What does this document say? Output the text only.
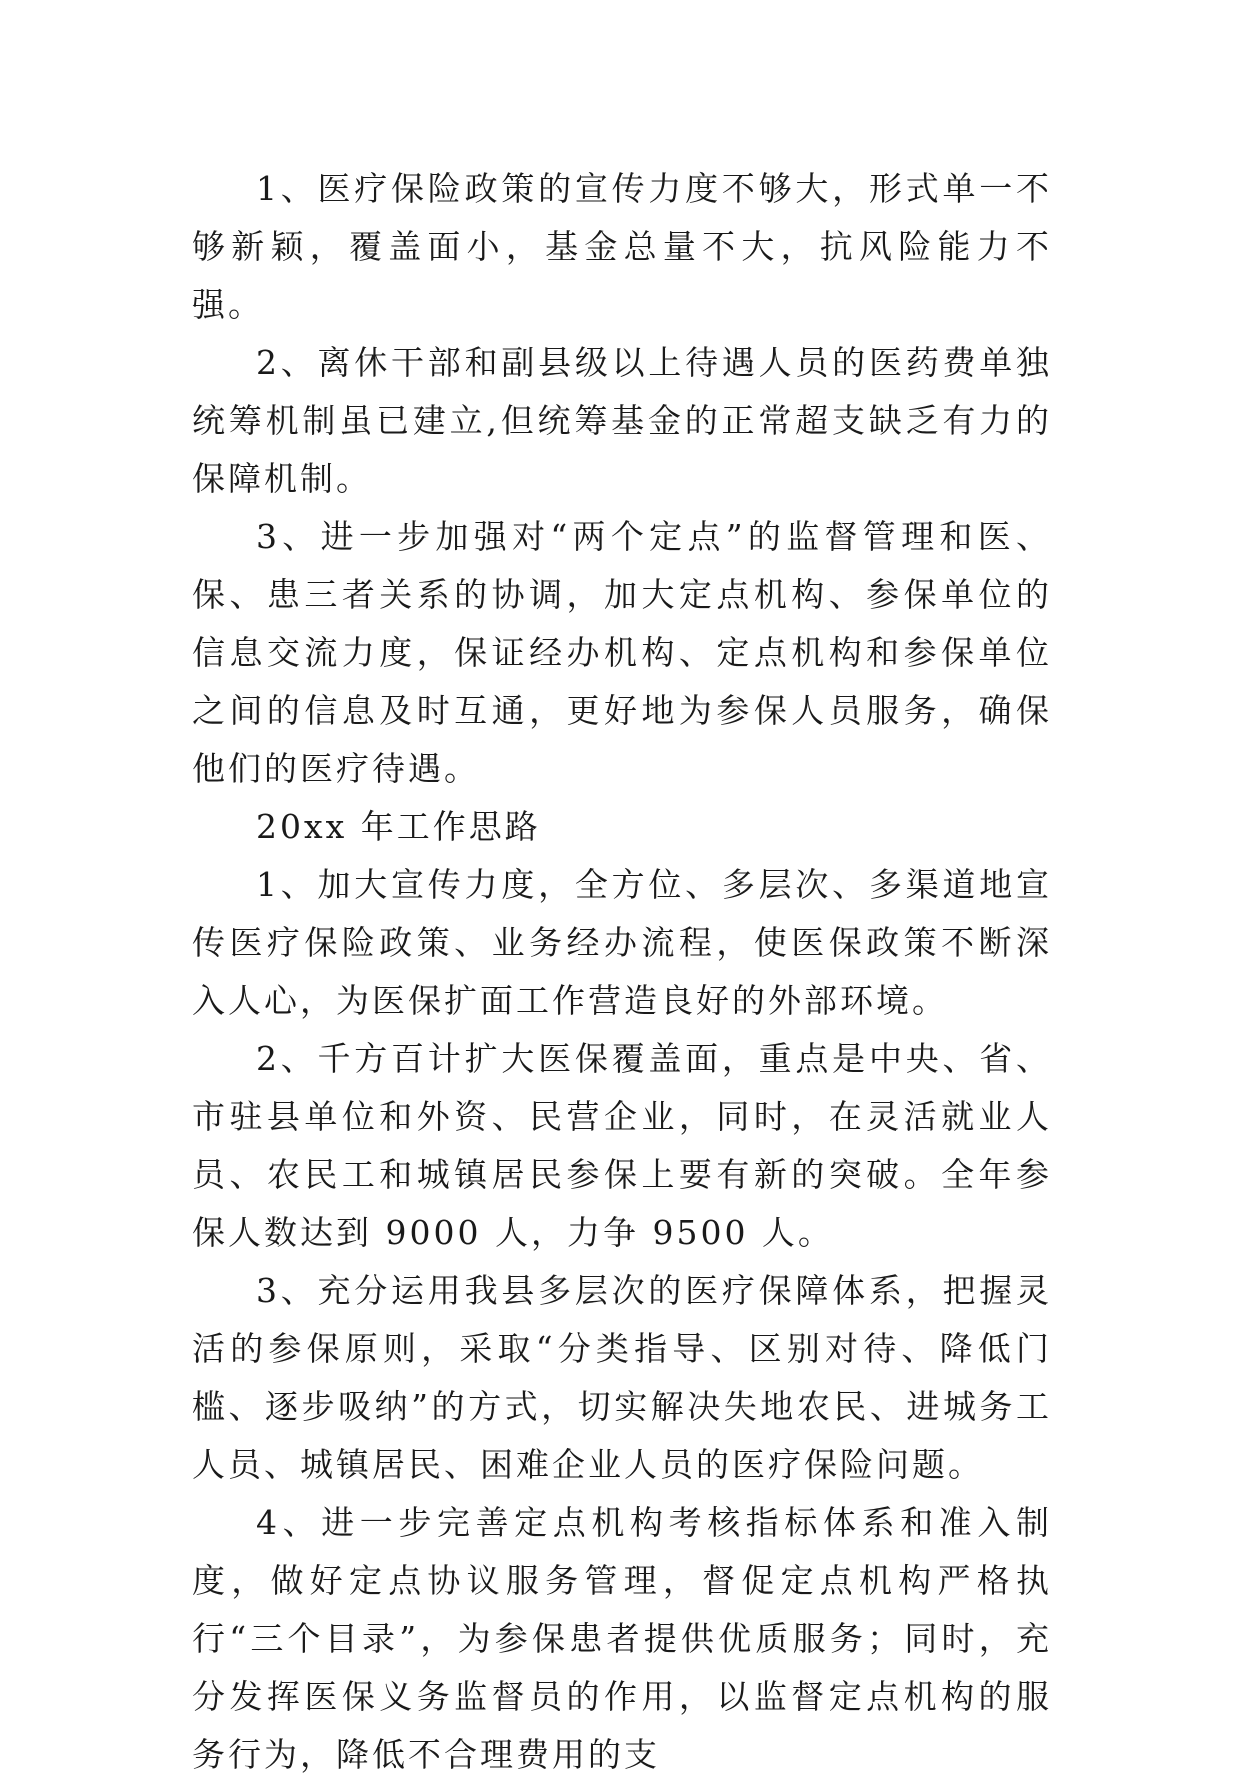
1、医疗保险政策的宣传力度不够大，形式单一不够新颖，覆盖面小，基金总量不大，抗风险能力不强。

2、离休干部和副县级以上待遇人员的医药费单独统筹机制虽已建立,但统筹基金的正常超支缺乏有力的保障机制。

3、进一步加强对“两个定点”的监督管理和医、保、患三者关系的协调，加大定点机构、参保单位的信息交流力度，保证经办机构、定点机构和参保单位之间的信息及时互通，更好地为参保人员服务，确保他们的医疗待遇。

20xx 年工作思路

1、加大宣传力度，全方位、多层次、多渠道地宣传医疗保险政策、业务经办流程，使医保政策不断深入人心，为医保扩面工作营造良好的外部环境。

2、千方百计扩大医保覆盖面，重点是中央、省、市驻县单位和外资、民营企业，同时，在灵活就业人员、农民工和城镇居民参保上要有新的突破。全年参保人数达到 9000 人，力争 9500 人。

3、充分运用我县多层次的医疗保障体系，把握灵活的参保原则，采取“分类指导、区别对待、降低门槛、逐步吸纳”的方式，切实解决失地农民、进城务工人员、城镇居民、困难企业人员的医疗保险问题。

4、进一步完善定点机构考核指标体系和准入制度，做好定点协议服务管理，督促定点机构严格执行“三个目录”，为参保患者提供优质服务；同时，充分发挥医保义务监督员的作用，以监督定点机构的服务行为，降低不合理费用的支
